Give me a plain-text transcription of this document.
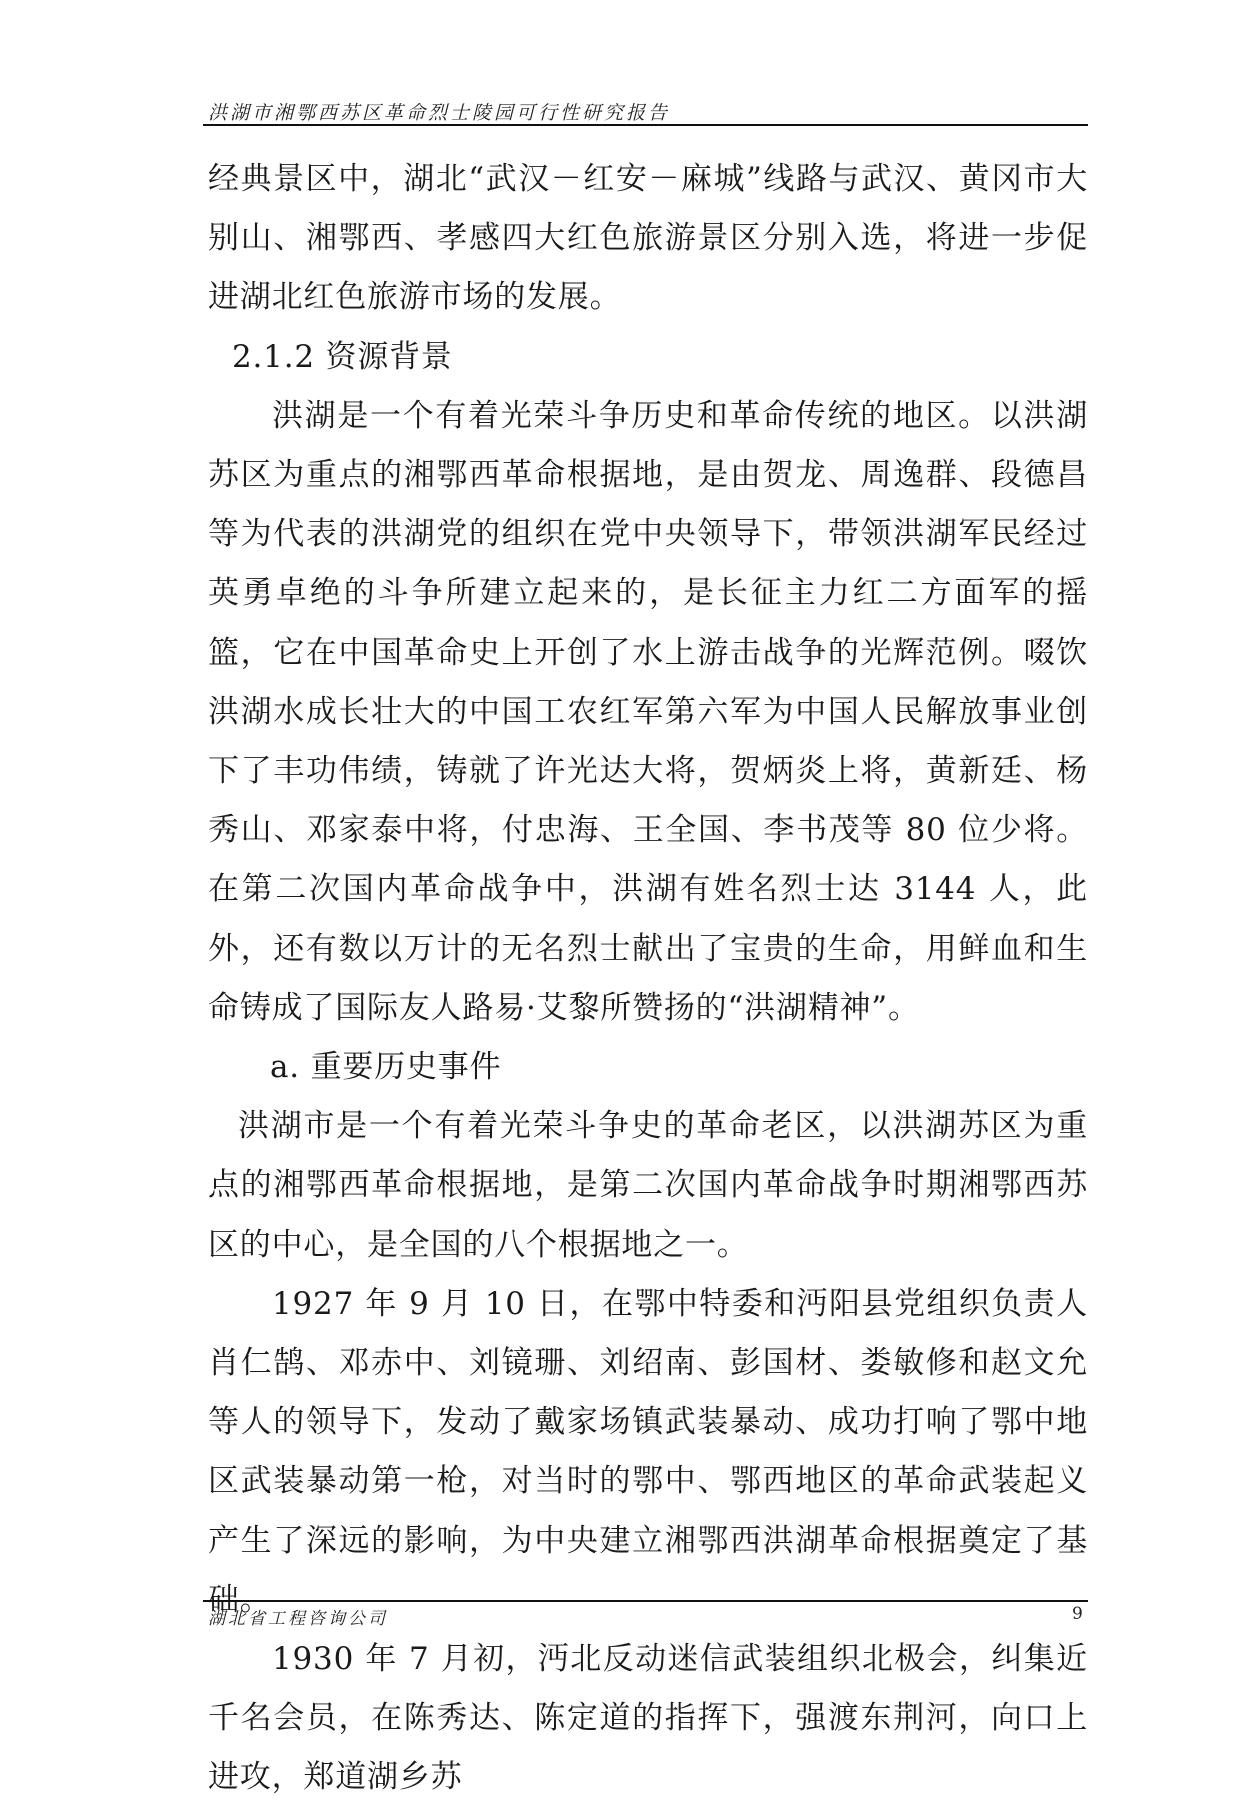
洪湖市湘鄂西苏区革命烈士陵园可行性研究报告

经典景区中，湖北“武汉－红安－麻城”线路与武汉、黄冈市大别山、湘鄂西、孝感四大红色旅游景区分别入选，将进一步促进湖北红色旅游市场的发展。

2.1.2 资源背景

洪湖是一个有着光荣斗争历史和革命传统的地区。以洪湖苏区为重点的湘鄂西革命根据地，是由贺龙、周逸群、段德昌等为代表的洪湖党的组织在党中央领导下，带领洪湖军民经过英勇卓绝的斗争所建立起来的，是长征主力红二方面军的摇篮，它在中国革命史上开创了水上游击战争的光辉范例。啜饮洪湖水成长壮大的中国工农红军第六军为中国人民解放事业创下了丰功伟绩，铸就了许光达大将，贺炳炎上将，黄新廷、杨秀山、邓家泰中将，付忠海、王全国、李书茂等 80 位少将。在第二次国内革命战争中，洪湖有姓名烈士达 3144 人，此外，还有数以万计的无名烈士献出了宝贵的生命，用鲜血和生命铸成了国际友人路易·艾黎所赞扬的“洪湖精神”。

a. 重要历史事件

洪湖市是一个有着光荣斗争史的革命老区，以洪湖苏区为重点的湘鄂西革命根据地，是第二次国内革命战争时期湘鄂西苏区的中心，是全国的八个根据地之一。

1927 年 9 月 10 日，在鄂中特委和沔阳县党组织负责人肖仁鹄、邓赤中、刘镜珊、刘绍南、彭国材、娄敏修和赵文允等人的领导下，发动了戴家场镇武装暴动、成功打响了鄂中地区武装暴动第一枪，对当时的鄂中、鄂西地区的革命武装起义产生了深远的影响，为中央建立湘鄂西洪湖革命根据奠定了基础。

1930 年 7 月初，沔北反动迷信武装组织北极会，纠集近千名会员，在陈秀达、陈定道的指挥下，强渡东荆河，向口上进攻，郑道湖乡苏

湖北省工程咨询公司	9
